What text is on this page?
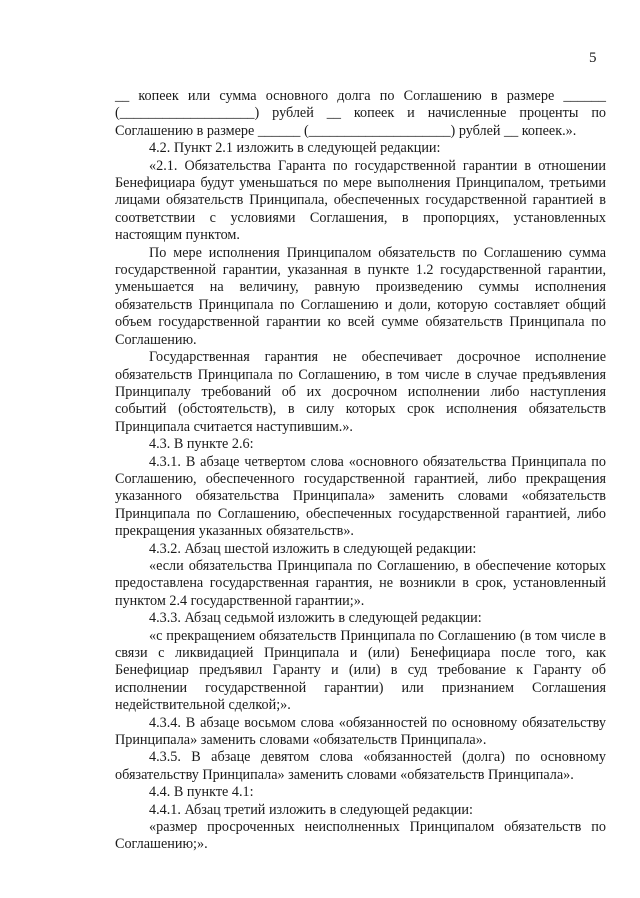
5

__ копеек или сумма основного долга по Соглашению в размере ______ (___________________) рублей __ копеек и начисленные проценты по Соглашению в размере ______ (____________________) рублей __ копеек.».

4.2. Пункт 2.1 изложить в следующей редакции:

«2.1. Обязательства Гаранта по государственной гарантии в отношении Бенефициара будут уменьшаться по мере выполнения Принципалом, третьими лицами обязательств Принципала, обеспеченных государственной гарантией в соответствии с условиями Соглашения, в пропорциях, установленных настоящим пунктом.

По мере исполнения Принципалом обязательств по Соглашению сумма государственной гарантии, указанная в пункте 1.2 государственной гарантии, уменьшается на величину, равную произведению суммы исполнения обязательств Принципала по Соглашению и доли, которую составляет общий объем государственной гарантии ко всей сумме обязательств Принципала по Соглашению.

Государственная гарантия не обеспечивает досрочное исполнение обязательств Принципала по Соглашению, в том числе в случае предъявления Принципалу требований об их досрочном исполнении либо наступления событий (обстоятельств), в силу которых срок исполнения обязательств Принципала считается наступившим.».

4.3. В пункте 2.6:

4.3.1. В абзаце четвертом слова «основного обязательства Принципала по Соглашению, обеспеченного государственной гарантией, либо прекращения указанного обязательства Принципала» заменить словами «обязательств Принципала по Соглашению, обеспеченных государственной гарантией, либо прекращения указанных обязательств».

4.3.2. Абзац шестой изложить в следующей редакции:

«если обязательства Принципала по Соглашению, в обеспечение которых предоставлена государственная гарантия, не возникли в срок, установленный пунктом 2.4 государственной гарантии;».

4.3.3. Абзац седьмой изложить в следующей редакции:

«с прекращением обязательств Принципала по Соглашению (в том числе в связи с ликвидацией Принципала и (или) Бенефициара после того, как Бенефициар предъявил Гаранту и (или) в суд требование к Гаранту об исполнении государственной гарантии) или признанием Соглашения недействительной сделкой;».

4.3.4. В абзаце восьмом слова «обязанностей по основному обязательству Принципала» заменить словами «обязательств Принципала».

4.3.5. В абзаце девятом слова «обязанностей (долга) по основному обязательству Принципала» заменить словами «обязательств Принципала».

4.4. В пункте 4.1:

4.4.1. Абзац третий изложить в следующей редакции:

«размер просроченных неисполненных Принципалом обязательств по Соглашению;».
